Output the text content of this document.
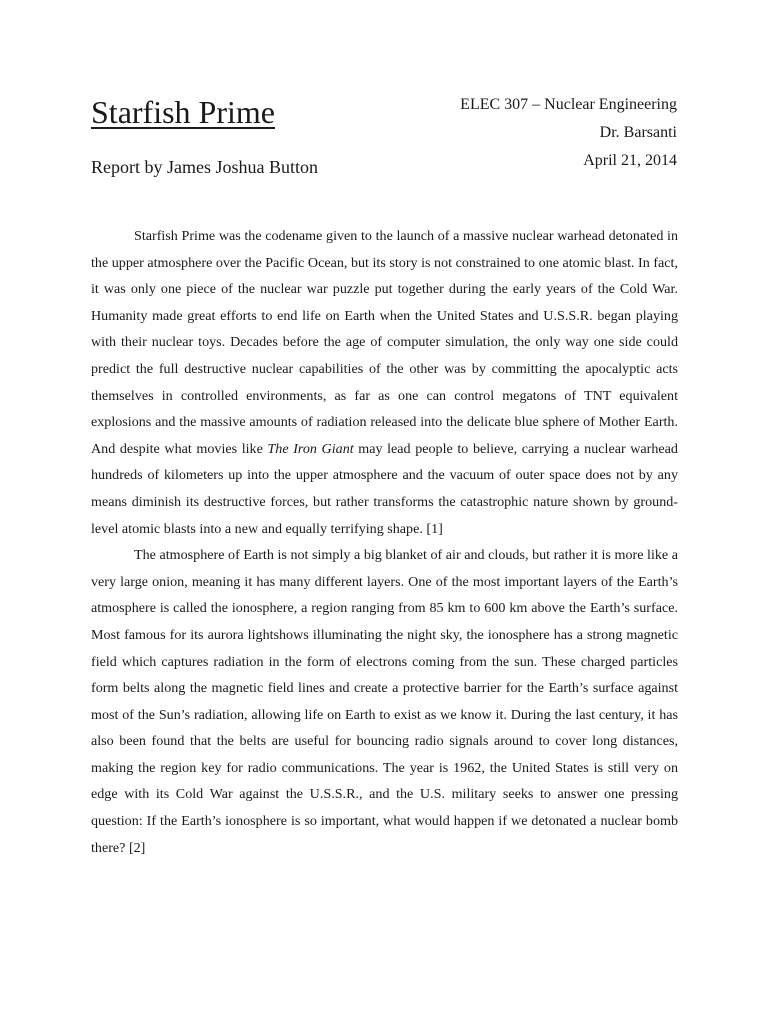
Starfish Prime

Report by James Joshua Button

ELEC 307 – Nuclear Engineering
Dr. Barsanti
April 21, 2014

Starfish Prime was the codename given to the launch of a massive nuclear warhead detonated in the upper atmosphere over the Pacific Ocean, but its story is not constrained to one atomic blast. In fact, it was only one piece of the nuclear war puzzle put together during the early years of the Cold War. Humanity made great efforts to end life on Earth when the United States and U.S.S.R. began playing with their nuclear toys. Decades before the age of computer simulation, the only way one side could predict the full destructive nuclear capabilities of the other was by committing the apocalyptic acts themselves in controlled environments, as far as one can control megatons of TNT equivalent explosions and the massive amounts of radiation released into the delicate blue sphere of Mother Earth. And despite what movies like The Iron Giant may lead people to believe, carrying a nuclear warhead hundreds of kilometers up into the upper atmosphere and the vacuum of outer space does not by any means diminish its destructive forces, but rather transforms the catastrophic nature shown by ground-level atomic blasts into a new and equally terrifying shape. [1]

The atmosphere of Earth is not simply a big blanket of air and clouds, but rather it is more like a very large onion, meaning it has many different layers. One of the most important layers of the Earth’s atmosphere is called the ionosphere, a region ranging from 85 km to 600 km above the Earth’s surface. Most famous for its aurora lightshows illuminating the night sky, the ionosphere has a strong magnetic field which captures radiation in the form of electrons coming from the sun. These charged particles form belts along the magnetic field lines and create a protective barrier for the Earth’s surface against most of the Sun’s radiation, allowing life on Earth to exist as we know it. During the last century, it has also been found that the belts are useful for bouncing radio signals around to cover long distances, making the region key for radio communications. The year is 1962, the United States is still very on edge with its Cold War against the U.S.S.R., and the U.S. military seeks to answer one pressing question: If the Earth’s ionosphere is so important, what would happen if we detonated a nuclear bomb there? [2]
